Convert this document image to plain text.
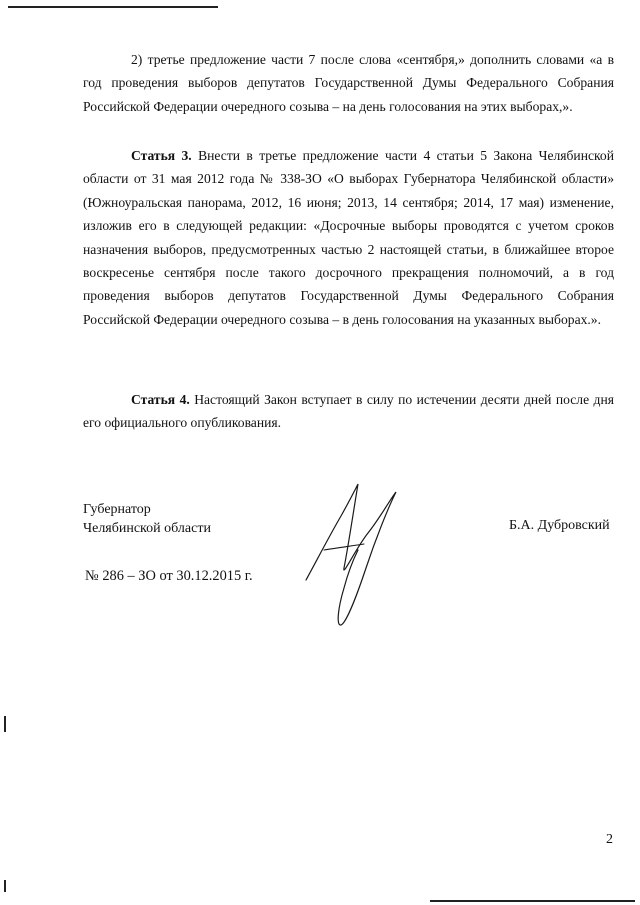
2) третье предложение части 7 после слова «сентября,» дополнить словами «а в год проведения выборов депутатов Государственной Думы Федерального Собрания Российской Федерации очередного созыва – на день голосования на этих выборах,».

Статья 3. Внести в третье предложение части 4 статьи 5 Закона Челябинской области от 31 мая 2012 года № 338-ЗО «О выборах Губернатора Челябинской области» (Южноуральская панорама, 2012, 16 июня; 2013, 14 сентября; 2014, 17 мая) изменение, изложив его в следующей редакции: «Досрочные выборы проводятся с учетом сроков назначения выборов, предусмотренных частью 2 настоящей статьи, в ближайшее второе воскресенье сентября после такого досрочного прекращения полномочий, а в год проведения выборов депутатов Государственной Думы Федерального Собрания Российской Федерации очередного созыва – в день голосования на указанных выборах.».

Статья 4. Настоящий Закон вступает в силу по истечении десяти дней после дня его официального опубликования.

Губернатор
Челябинской области	Б.А. Дубровский
№ 286 – ЗО от 30.12.2015 г.
2
